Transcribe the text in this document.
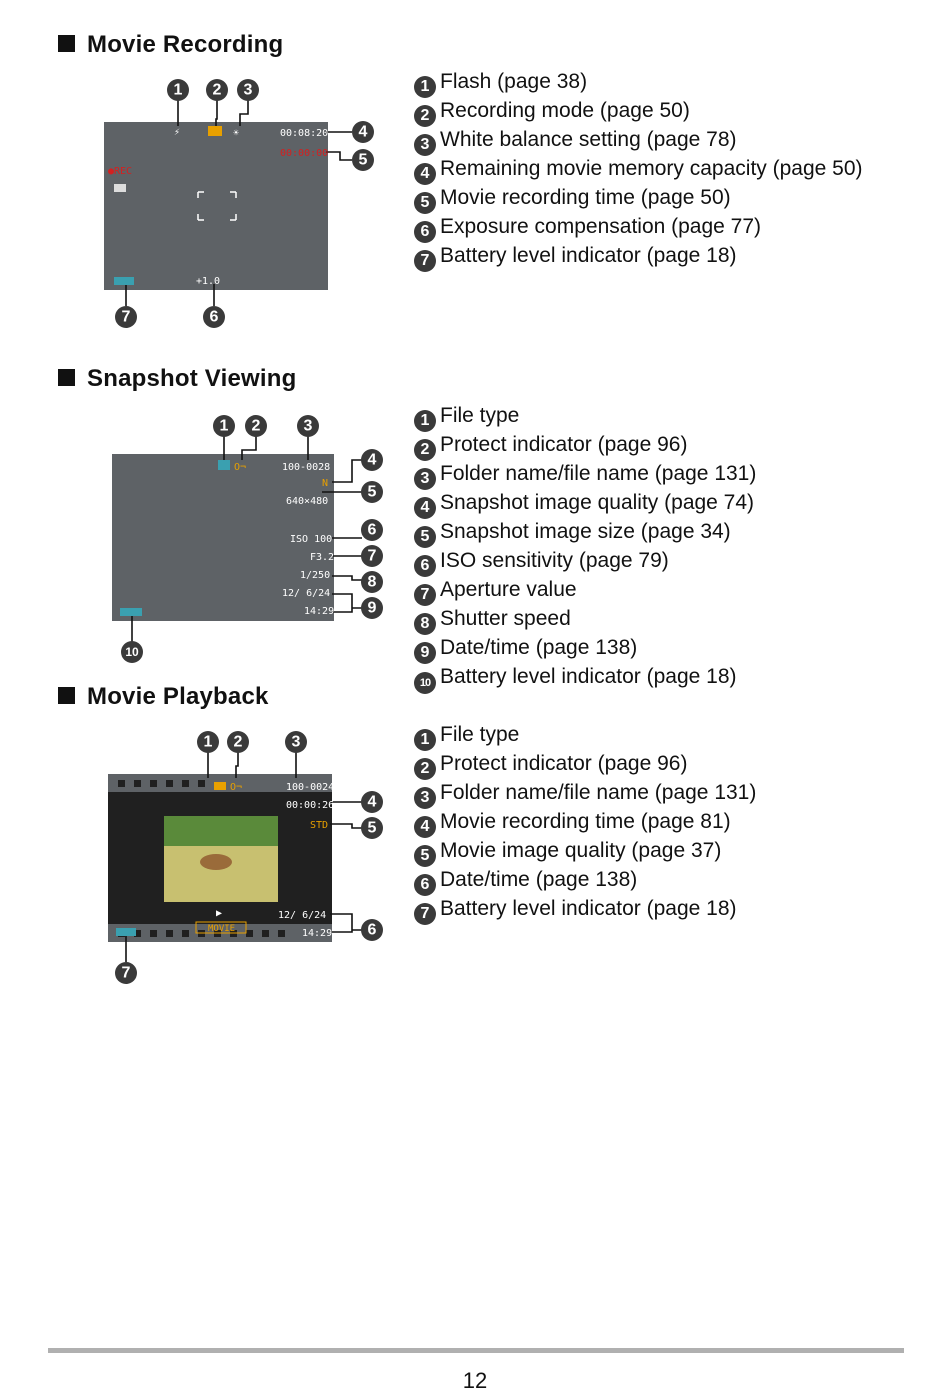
Movie Recording
⚡	☀	00:08:20
00:00:00
●REC
+1.0
1 2 3
4
5
7	6
1 Flash (page 38)
2 Recording mode (page 50)
3 White balance setting (page 78)
4 Remaining movie memory capacity (page 50)
5 Movie recording time (page 50)
6 Exposure compensation (page 77)
7 Battery level indicator (page 18)
Snapshot Viewing
O¬	100-0028
N
640×480
ISO 100
F3.2
1/250
12/ 6/24
14:29
1 2	3
4
5
6
7
8
9
10
1 File type
2 Protect indicator (page 96)
3 Folder name/file name (page 131)
4 Snapshot image quality (page 74)
5 Snapshot image size (page 34)
6 ISO sensitivity (page 79)
7 Aperture value
8 Shutter speed
9 Date/time (page 138)
10 Battery level indicator (page 18)
Movie Playback
O¬	100-0024
00:00:26
STD
▶	12/ 6/24
14:29
MOVIE
1 2	3
4
5
6
7
1 File type
2 Protect indicator (page 96)
3 Folder name/file name (page 131)
4 Movie recording time (page 81)
5 Movie image quality (page 37)
6 Date/time (page 138)
7 Battery level indicator (page 18)
12
